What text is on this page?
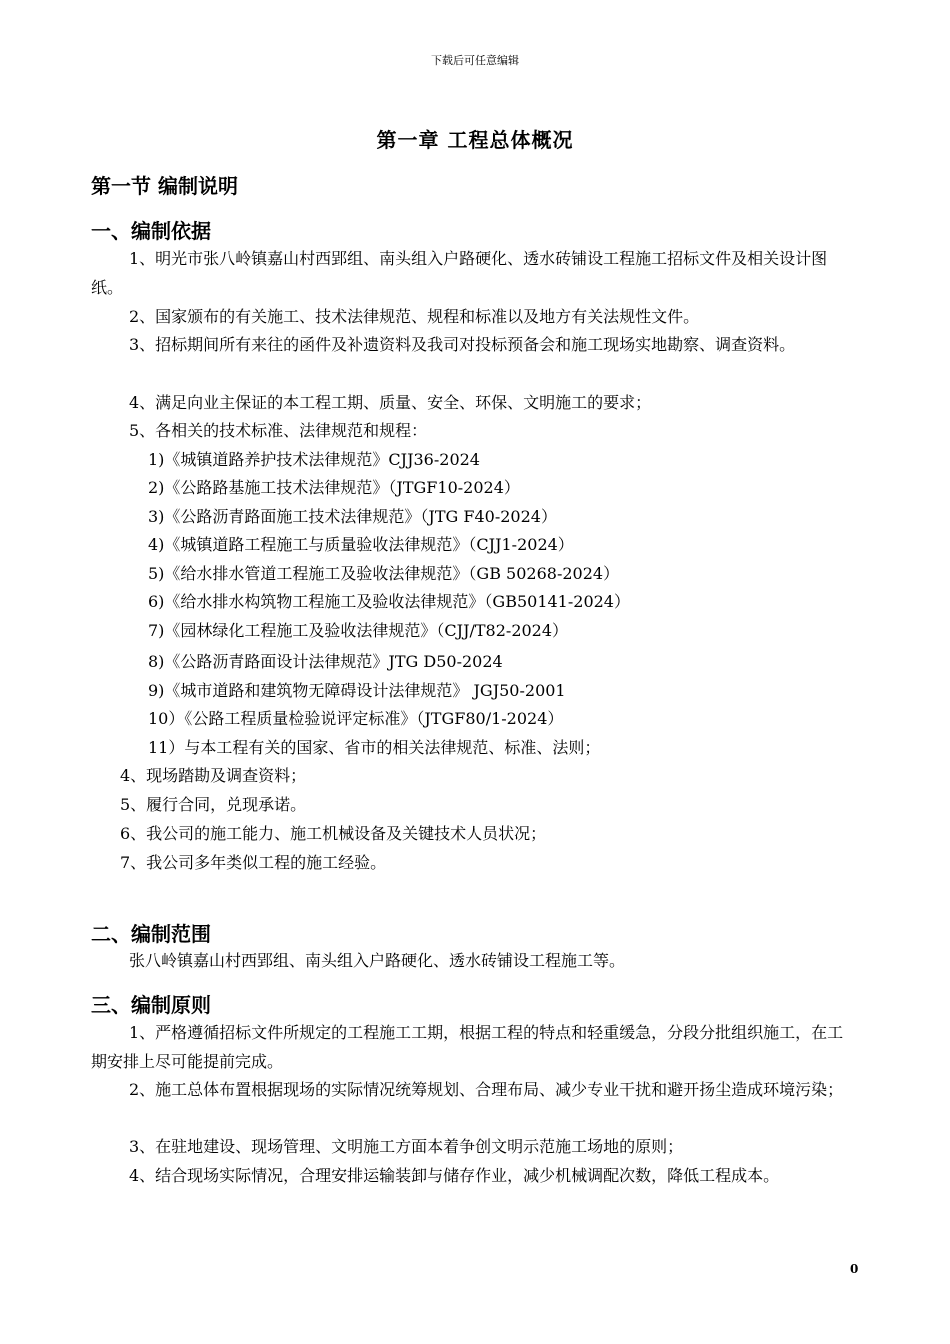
下载后可任意编辑
第一章 工程总体概况
第一节 编制说明
一、编制依据
1、明光市张八岭镇嘉山村西郢组、南头组入户路硬化、透水砖铺设工程施工招标文件及相关设计图纸。
2、国家颁布的有关施工、技术法律规范、规程和标准以及地方有关法规性文件。
3、招标期间所有来往的函件及补遗资料及我司对投标预备会和施工现场实地勘察、调查资料。
4、满足向业主保证的本工程工期、质量、安全、环保、文明施工的要求；
5、各相关的技术标准、法律规范和规程：
1)《城镇道路养护技术法律规范》CJJ36-2024
2)《公路路基施工技术法律规范》（JTGF10-2024）
3)《公路沥青路面施工技术法律规范》（JTG F40-2024）
4)《城镇道路工程施工与质量验收法律规范》（CJJ1-2024）
5)《给水排水管道工程施工及验收法律规范》（GB 50268-2024）
6)《给水排水构筑物工程施工及验收法律规范》（GB50141-2024）
7)《园林绿化工程施工及验收法律规范》（CJJ/T82-2024）
8)《公路沥青路面设计法律规范》JTG D50-2024
9)《城市道路和建筑物无障碍设计法律规范》 JGJ50-2001
10）《公路工程质量检验说评定标准》（JTGF80/1-2024）
11）与本工程有关的国家、省市的相关法律规范、标准、法则；
4、现场踏勘及调查资料；
5、履行合同，兑现承诺。
6、我公司的施工能力、施工机械设备及关键技术人员状况；
7、我公司多年类似工程的施工经验。
二、编制范围
张八岭镇嘉山村西郢组、南头组入户路硬化、透水砖铺设工程施工等。
三、编制原则
1、严格遵循招标文件所规定的工程施工工期，根据工程的特点和轻重缓急，分段分批组织施工，在工期安排上尽可能提前完成。
2、施工总体布置根据现场的实际情况统筹规划、合理布局、减少专业干扰和避开扬尘造成环境污染；
3、在驻地建设、现场管理、文明施工方面本着争创文明示范施工场地的原则；
4、结合现场实际情况，合理安排运输装卸与储存作业，减少机械调配次数，降低工程成本。
0
